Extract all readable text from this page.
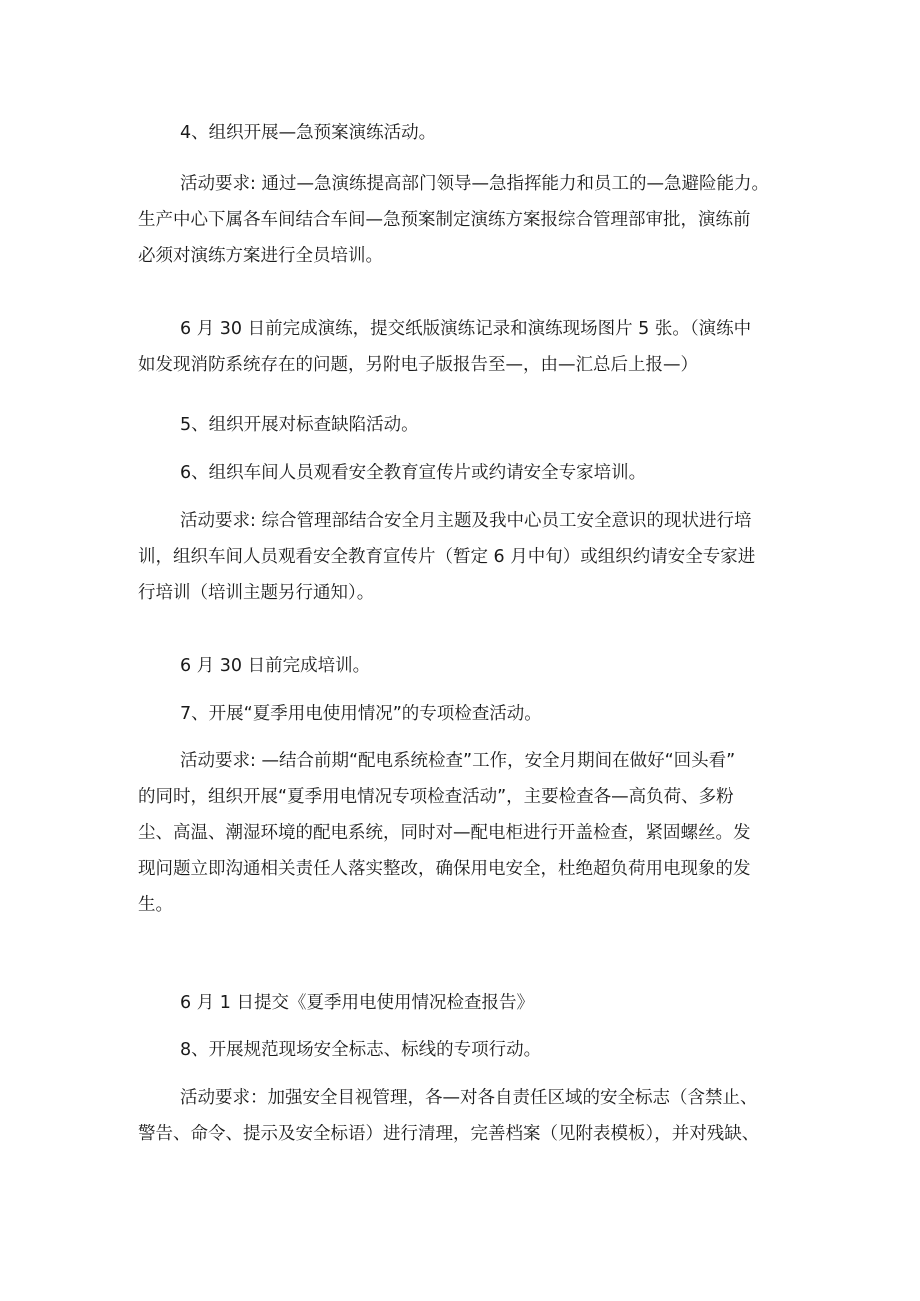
4、组织开展—急预案演练活动。

活动要求: 通过—急演练提高部门领导—急指挥能力和员工的—急避险能力。
生产中心下属各车间结合车间—急预案制定演练方案报综合管理部审批，演练前
必须对演练方案进行全员培训。

6 月 30 日前完成演练，提交纸版演练记录和演练现场图片 5 张。（演练中
如发现消防系统存在的问题，另附电子版报告至—，由—汇总后上报—）

5、组织开展对标查缺陷活动。

6、组织车间人员观看安全教育宣传片或约请安全专家培训。

活动要求: 综合管理部结合安全月主题及我中心员工安全意识的现状进行培
训，组织车间人员观看安全教育宣传片（暂定 6 月中旬）或组织约请安全专家进
行培训（培训主题另行通知）。

6 月 30 日前完成培训。

7、开展“夏季用电使用情况”的专项检查活动。

活动要求: —结合前期“配电系统检查”工作，安全月期间在做好“回头看”
的同时，组织开展“夏季用电情况专项检查活动”，主要检查各—高负荷、多粉
尘、高温、潮湿环境的配电系统，同时对—配电柜进行开盖检查，紧固螺丝。发
现问题立即沟通相关责任人落实整改，确保用电安全，杜绝超负荷用电现象的发
生。

6 月 1 日提交《夏季用电使用情况检查报告》

8、开展规范现场安全标志、标线的专项行动。

活动要求：加强安全目视管理，各—对各自责任区域的安全标志（含禁止、
警告、命令、提示及安全标语）进行清理，完善档案（见附表模板），并对残缺、
